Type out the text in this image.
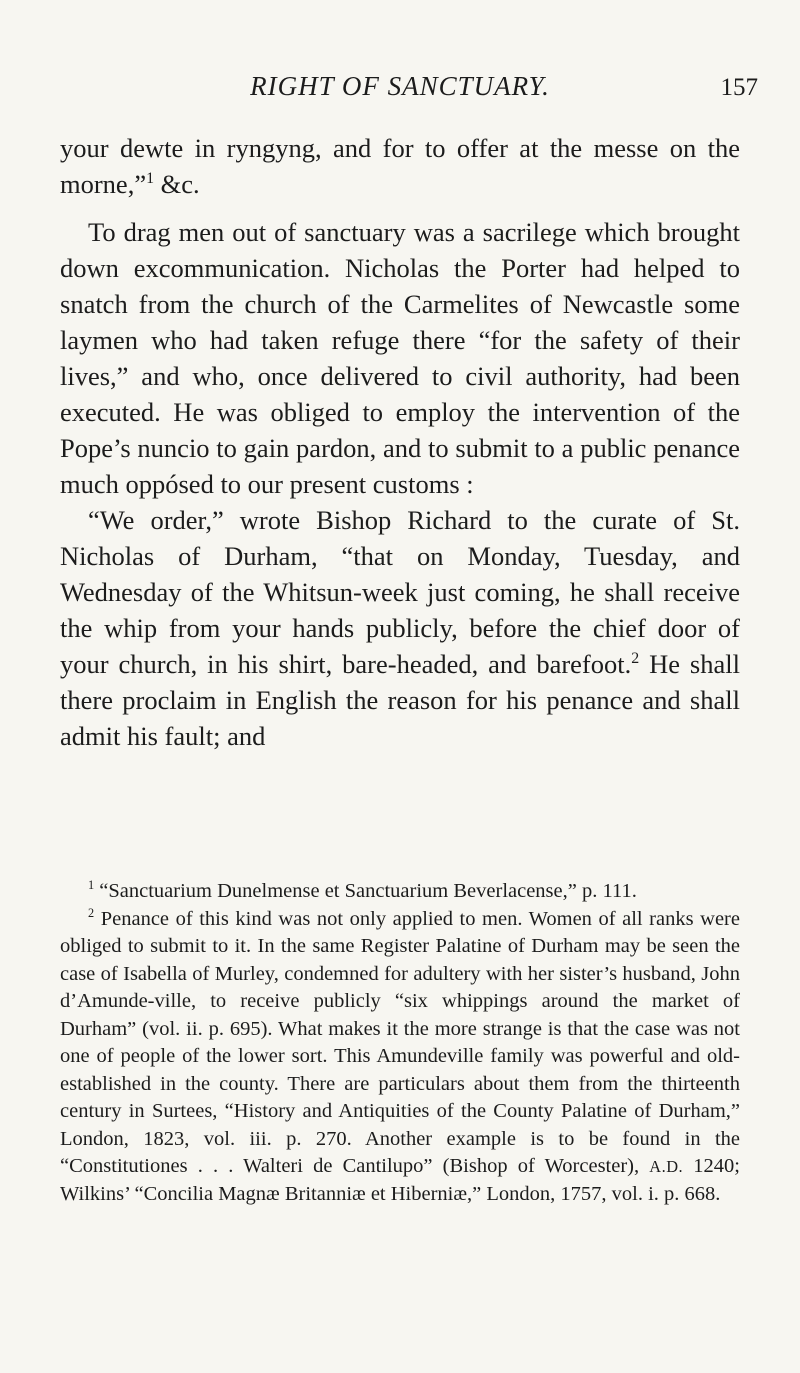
RIGHT OF SANCTUARY.	157

your dewte in ryngyng, and for to offer at the messe on the morne,”$^1$ &c.

To drag men out of sanctuary was a sacrilege which brought down excommunication. Nicholas the Porter had helped to snatch from the church of the Carmelites of Newcastle some laymen who had taken refuge there “for the safety of their lives,” and who, once delivered to civil authority, had been executed. He was obliged to employ the intervention of the Pope’s nuncio to gain pardon, and to submit to a public penance much oppósed to our present customs :

“We order,” wrote Bishop Richard to the curate of St. Nicholas of Durham, “that on Monday, Tuesday, and Wednesday of the Whitsun-week just coming, he shall receive the whip from your hands publicly, before the chief door of your church, in his shirt, bare-headed, and barefoot.$^2$ He shall there proclaim in English the reason for his penance and shall admit his fault; and

$^1$ “Sanctuarium Dunelmense et Sanctuarium Beverlacense,” p. 111.

$^2$ Penance of this kind was not only applied to men. Women of all ranks were obliged to submit to it. In the same Register Palatine of Durham may be seen the case of Isabella of Murley, condemned for adultery with her sister’s husband, John d’Amunde-ville, to receive publicly “six whippings around the market of Durham” (vol. ii. p. 695). What makes it the more strange is that the case was not one of people of the lower sort. This Amundeville family was powerful and old-established in the county. There are particulars about them from the thirteenth century in Surtees, “History and Antiquities of the County Palatine of Durham,” London, 1823, vol. iii. p. 270. Another example is to be found in the “Constitutiones . . . Walteri de Cantilupo” (Bishop of Worcester), A.D. 1240; Wilkins’ “Concilia Magnæ Britanniæ et Hiberniæ,” London, 1757, vol. i. p. 668.
